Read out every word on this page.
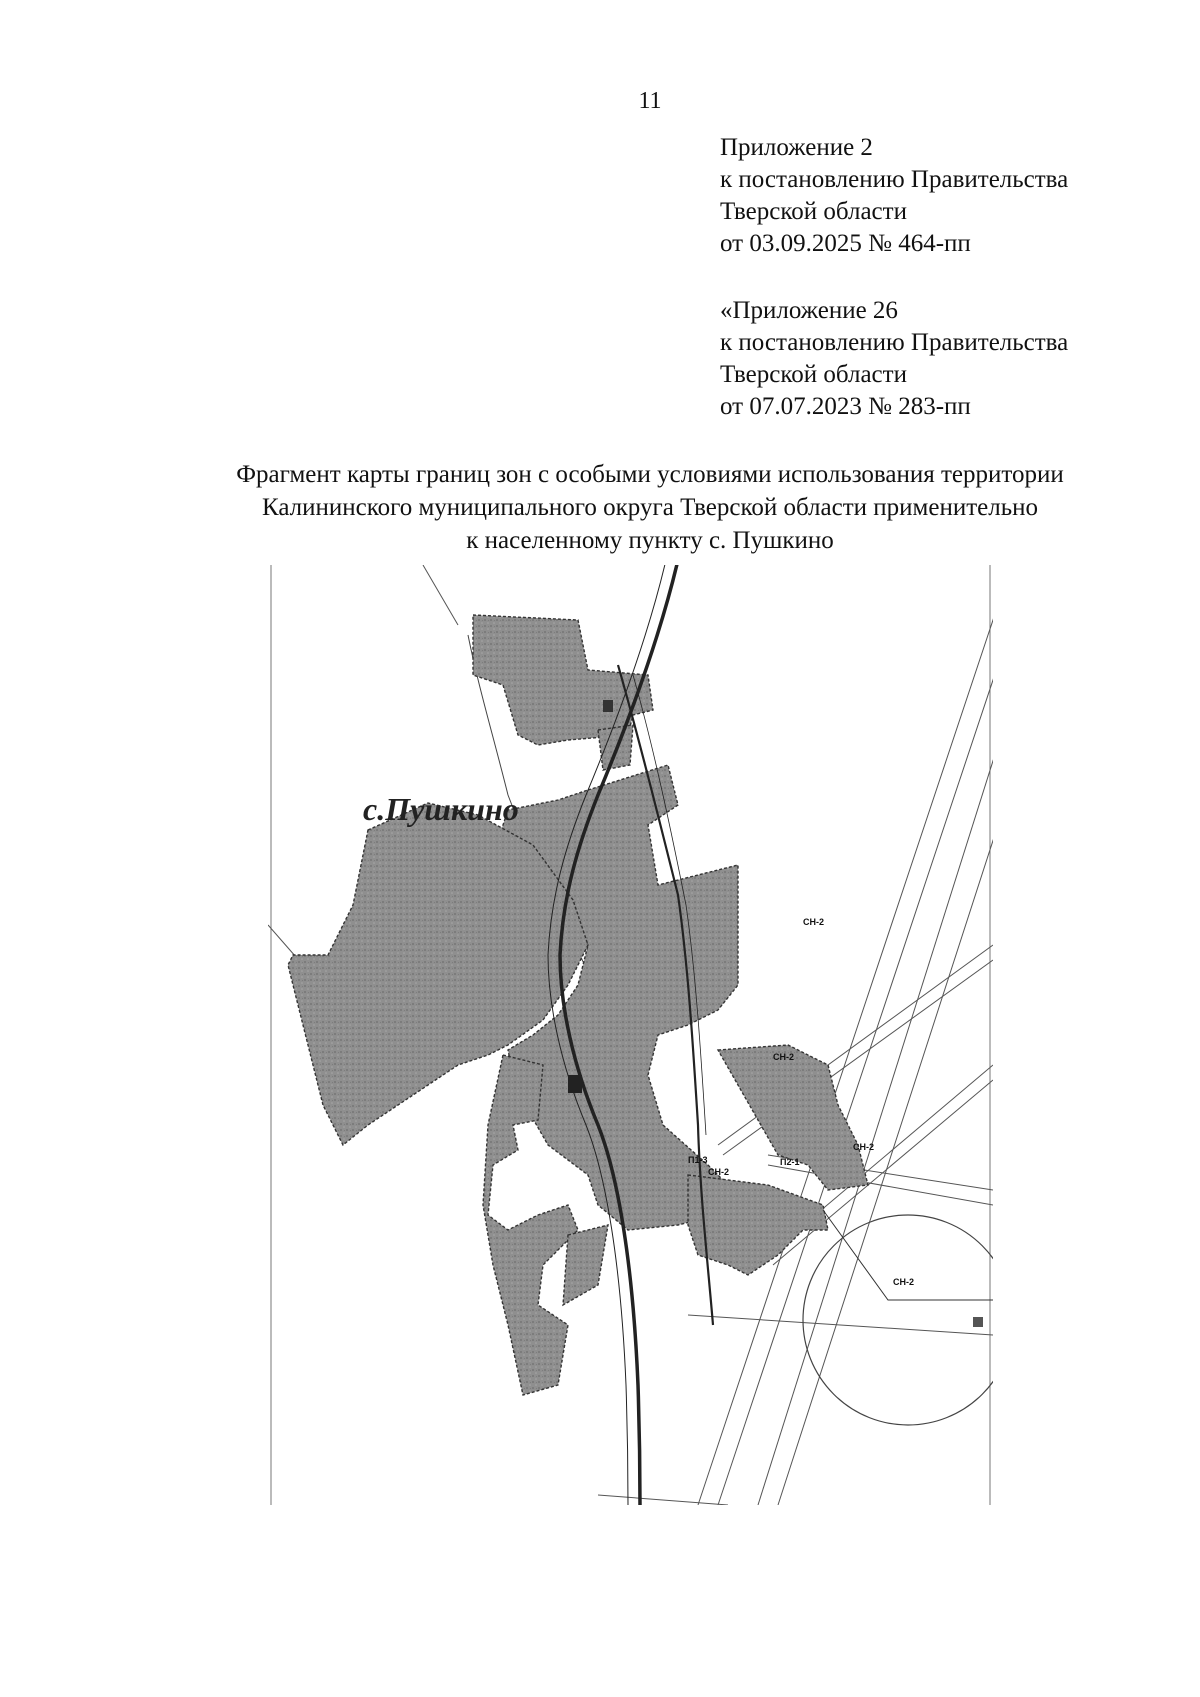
11
Приложение 2
к постановлению Правительства
Тверской области
от 03.09.2025 № 464-пп
«Приложение 26
к постановлению Правительства
Тверской области
от 07.07.2023 № 283-пп
Фрагмент карты границ зон с особыми условиями использования территории
Калининского муниципального округа Тверской области применительно
к населенному пункту с. Пушкино
с.Пушкино
СН-2
СН-2
СН-2
СН-2
СН-2
П1-3	П2-1
